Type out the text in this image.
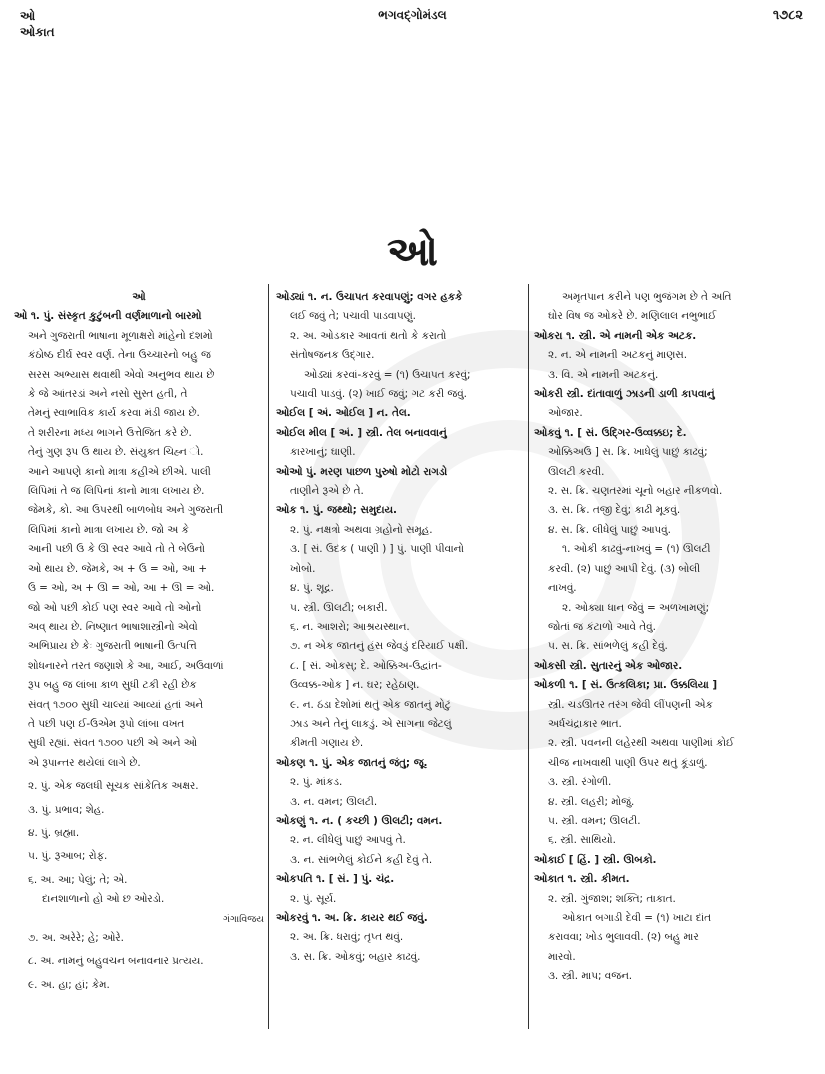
ઓ
ઓકાત
ભગવદ્ગોમંડલ	૧૭૮૨
ઓ
ઓ
ઓ ૧. પું. સંસ્કૃત કુટુંબની વર્ણમાળાનો બારમો
અને ગુજરાતી ભાષાના મૂળાક્ષરો માંહેનો દશમો
કંઠોષ્ઠ દીર્ઘ સ્વર વર્ણ. તેના ઉચ્ચારનો બહુ જ
સરસ અભ્યાસ થવાથી એવો અનુભવ થાય છે
કે જે આંતરડાં અને નસો સુસ્ત હતી, તે
તેમનું સ્વાભાવિક કાર્ય કરવા મંડી જાય છે.
તે શરીરના મધ્ય ભાગને ઉત્તેજિત કરે છે.
તેનું ગુણ રૂપ ઉ થાય છે. સંયુક્ત ચિહ્ન ો.
આને આપણે કાનો માત્રા કહીએ છીએ. પાલી
લિપિમાં તે જ લિપિનાં કાનો માત્રા લખાય છે.
જેમકે, કો. આ ઉપરથી બાળબોધ અને ગુજરાતી
લિપિમાં કાનો માત્રા લખાય છે. જો અ કે
આની પછી ઉ કે ઊ સ્વર આવે તો તે બેઉનો
ઓ થાય છે. જેમકે, અ + ઉ = ઓ, આ +
ઉ = ઓ, અ + ઊ = ઓ, આ + ઊ = ઓ.
જો ઓ પછી કોઈ પણ સ્વર આવે તો ઓનો
અવ્ થાય છે. નિષ્ણાત ભાષાશાસ્ત્રીનો એવો
અભિપ્રાય છે કેઃ ગુજરાતી ભાષાની ઉત્પત્તિ
શોધનારને તરત જણાશે કે આ, આઈ, અઉવાળાં
રૂપ બહુ જ લાંબા કાળ સુધી ટકી રહી છેક
સંવત્ ૧૭૦૦ સુધી ચાલ્યાં આવ્યાં હતાં અને
તે પછી પણ ઈ-ઉએમ રૂપો લાંબા વખત
સુધી રહ્યાં. સંવત ૧૭૦૦ પછી એ અને ઓ
એ રૂપાન્તર થયેલાં લાગે છે.
૨. પું. એક જલધી સૂચક સાંકેતિક અક્ષર.
૩. પું. પ્રભાવ; શેહ.
૪. પું. બ્રહ્મા.
૫. પું. રૂઆબ; રોફ.
૬. અ. આ; પેલું; તે; એ.
દાનશાળાનો હો ઓ છ ઓરડો.
ગંગાવિજય
૭. અ. અરેરે; હે; ઓરે.
૮. અ. નામનું બહુવચન બનાવનાર પ્રત્યય.
૯. અ. હા; હાં; કેમ.
ઓડ્યાં ૧. ન. ઉચાપત કરવાપણું; વગર હકકે
લઈ જવું તે; પચાવી પાડવાપણું.
૨. અ. ઓડકાર આવતાં થતો કે કરાતો
સંતોષજનક ઉદ્ગાર.
ઓડ્યાં કરવાં-કરવું = (૧) ઉચાપત કરવું;
પચાવી પાડવું. (૨) ખાઈ જવું; ગટ કરી જવું.
ઓઈલ [ અં. ઓઈલ ] ન. તેલ.
ઓઈલ મીલ [ અં. ] સ્ત્રી. તેલ બનાવવાનું
કારખાનું; ઘાણી.
ઓઓ પું. મરણ પાછળ પુરુષો મોટો રાગડો
તાણીને રૂએ છે તે.
ઓક ૧. પું. જથ્થો; સમુદાય.
૨. પું. નક્ષત્રો અથવા ગ્રહોનો સમૂહ.
૩. [ સં. ઉદક ( પાણી ) ] પું. પાણી પીવાનો
ખોબો.
૪. પું. શૂદ્ર.
૫. સ્ત્રી. ઊલટી; બકારી.
૬. ન. આશરો; આશ્રયસ્થાન.
૭. ન એક જાતનું હંસ જેવડું દરિયાઈ પક્ષી.
૮. [ સં. ઓકસ્; દે. ઓક્કિઅ-ઉદ્વાંત-
ઉવ્વક્ક-ઓક ] ન. ઘર; રહેઠાણ.
૯. ન. ઠંડા દેશોમાં થતું એક જાતનું મોટું
ઝાડ અને તેનું લાકડું. એ સાગના જેટલું
કીમતી ગણાય છે.
ઓકણ ૧. પું. એક જાતનું જંતુ; જૂ.
૨. પું. માંકડ.
૩. ન. વમન; ઊલટી.
ઓકણું ૧. ન. ( કચ્છી ) ઊલટી; વમન.
૨. ન. લીધેલું પાછું આપવું તે.
૩. ન. સાંભળેલું કોઈને કહી દેવું તે.
ઓકપતિ ૧. [ સં. ] પું. ચંદ્ર.
૨. પું. સૂર્ય.
ઓકરવું ૧. અ. ક્રિ. કાયર થઈ જવું.
૨. અ. ક્રિ. ધરાવું; તૃપ્ત થવું.
૩. સ. ક્રિ. ઓકવું; બહાર કાઢવું.
અમૃતપાન કરીને પણ ભુજંગમ છે તે અતિ
ઘોર વિષ જ ઓકરે છે. મણિલાલ નભુભાઈ
ઓકરા ૧. સ્ત્રી. એ નામની એક અટક.
૨. ન. એ નામની અટકનું માણસ.
૩. વિ. એ નામની અટકનું.
ઓકરી સ્ત્રી. દાંતાવાળું ઝાડની ડાળી કાપવાનું
ઓજાર.
ઓકવું ૧. [ સં. ઉદ્ગિર-ઉવ્વક્કઇ; દે.
ઓક્કિઅઉ ] સ. ક્રિ. ખાધેલું પાછું કાઢવું;
ઊલટી કરવી.
૨. સ. ક્રિ. ચણતરમાં ચૂનો બહાર નીકળવો.
૩. સ. ક્રિ. તજી દેવું; કાઢી મૂકવું.
૪. સ. ક્રિ. લીધેલું પાછું આપવું.
૧. ઓકી કાઢવું-નાખવું = (૧) ઊલટી
કરવી. (૨) પાછું આપી દેવું. (૩) બોલી
નાખવું.
૨. ઓક્યા ધાન જેવું = અળખામણું;
જોતાં જ કંટાળો આવે તેવું.
૫. સ. ક્રિ. સાંભળેલું કહી દેવું.
ઓકસી સ્ત્રી. સુતારનું એક ઓજાર.
ઓકળી ૧. [ સં. ઉત્કલિકા; પ્રા. ઉક્કલિયા ]
સ્ત્રી. ચડઊતર તરંગ જેવી લીંપણની એક
અર્ધચંદ્રાકાર ભાત.
૨. સ્ત્રી. પવનની લહેરથી અથવા પાણીમાં કોઈ
ચીજ નાખવાથી પાણી ઉપર થતું કૂંડાળું.
૩. સ્ત્રી. રંગોળી.
૪. સ્ત્રી. લહરી; મોજું.
૫. સ્ત્રી. વમન; ઊલટી.
૬. સ્ત્રી. સાથિયો.
ઓકાઈ [ હિં. ] સ્ત્રી. ઊબકો.
ઓકાત ૧. સ્ત્રી. કીમત.
૨. સ્ત્રી. ગુંજાશ; શક્તિ; તાકાત.
ઓકાત બગાડી દેવી = (૧) ખાટા દાંત
કરાવવા; ખોડ ભુલાવવી. (૨) બહુ માર
મારવો.
૩. સ્ત્રી. માપ; વજન.
